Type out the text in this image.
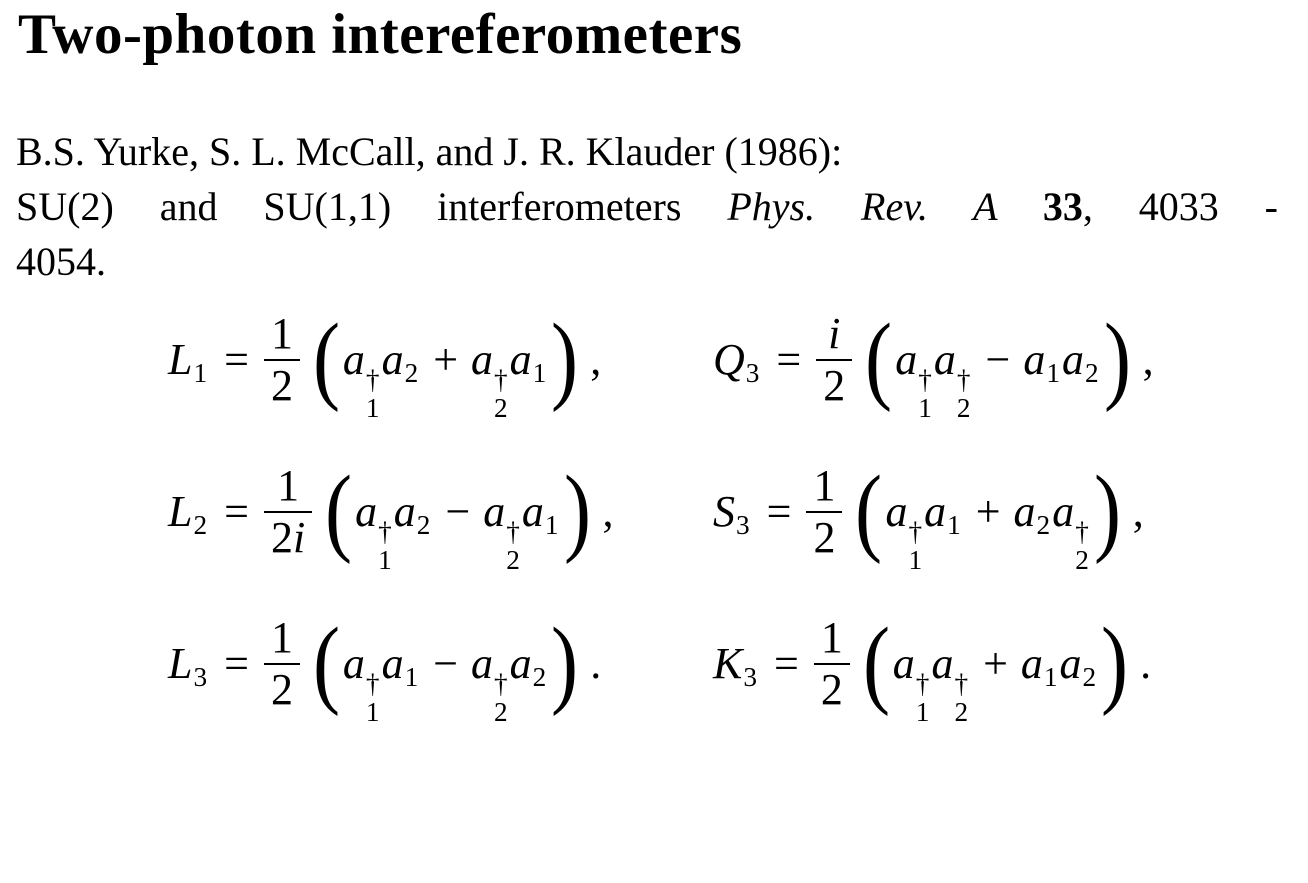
Two-photon intereferometers
B.S. Yurke, S. L. McCall, and J. R. Klauder (1986):
SU(2) and SU(1,1) interferometers Phys. Rev. A 33, 4033 -
4054.
$L1 = \frac{1}{2} (a$ †
1
a2 + a †
2
a1) ,	$Q3 = \frac{i}{2} (a$ †
1
a †
2
− a1a2) ,
$L2 = \frac{1}{2i} (a$ †
1
a2 − a †
2
a1) ,	$S3 = \frac{1}{2} (a$ †
1
a1 + a2a †
2 ) ,
$L3 = \frac{1}{2} (a$ †
1
a1 − a †
2
a2) .	$K3 = \frac{1}{2} (a$ †
1
a †
2
+ a1a2) .
